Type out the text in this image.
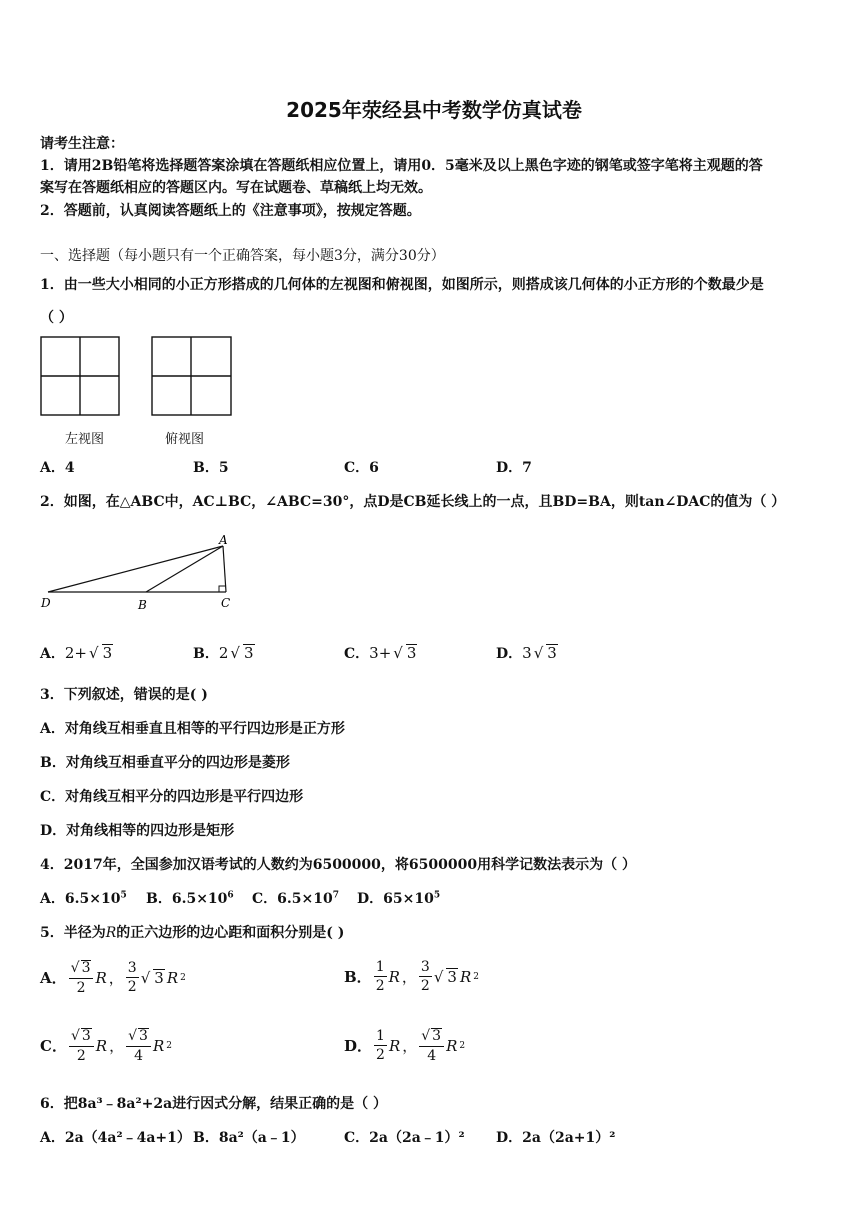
2025年荥经县中考数学仿真试卷
请考生注意：
1．请用2B铅笔将选择题答案涂填在答题纸相应位置上，请用0．5毫米及以上黑色字迹的钢笔或签字笔将主观题的答
案写在答题纸相应的答题区内。写在试题卷、草稿纸上均无效。
2．答题前，认真阅读答题纸上的《注意事项》，按规定答题。
一、选择题（每小题只有一个正确答案，每小题3分，满分30分）
1．由一些大小相同的小正方形搭成的几何体的左视图和俯视图，如图所示，则搭成该几何体的小正方形的个数最少是
（ ）
左视图	俯视图
A．4	B．5	C．6	D．7
2．如图，在△ABC中，AC⊥BC，∠ABC=30°，点D是CB延长线上的一点，且BD=BA，则tan∠DAC的值为（ ）
A
D	B	C
A． 2+ √ 3	B． 2 √ 3	C． 3+ √ 3	D． 3 √ 3
3．下列叙述，错误的是( )
A．对角线互相垂直且相等的平行四边形是正方形
B．对角线互相垂直平分的四边形是菱形
C．对角线互相平分的四边形是平行四边形
D．对角线相等的四边形是矩形
4．2017年，全国参加汉语考试的人数约为6500000，将6500000用科学记数法表示为（ ）
A．$6.5\times 10^5$ B．$6.5\times 10^6$ C．$6.5\times 10^7$ D．$65\times 10^5$
5．半径为R的正六边形的边心距和面积分别是( )
A． $\frac{√ 3}{2}$ R ， $\frac{3}{2}$ √ 3 R 2	B． $\frac{1}{2}$ R ， $\frac{3}{2}$ √ 3 R 2
C． $\frac{√ 3}{2}$ R ， $\frac{√ 3}{4}$ R 2	D． $\frac{1}{2}$ R ， $\frac{√ 3}{4}$ R 2
6．把8a³﹣8a²+2a进行因式分解，结果正确的是（ ）
A．2a（4a²﹣4a+1） B．8a²（a﹣1）	C．2a（2a﹣1）² D．2a（2a+1）²
